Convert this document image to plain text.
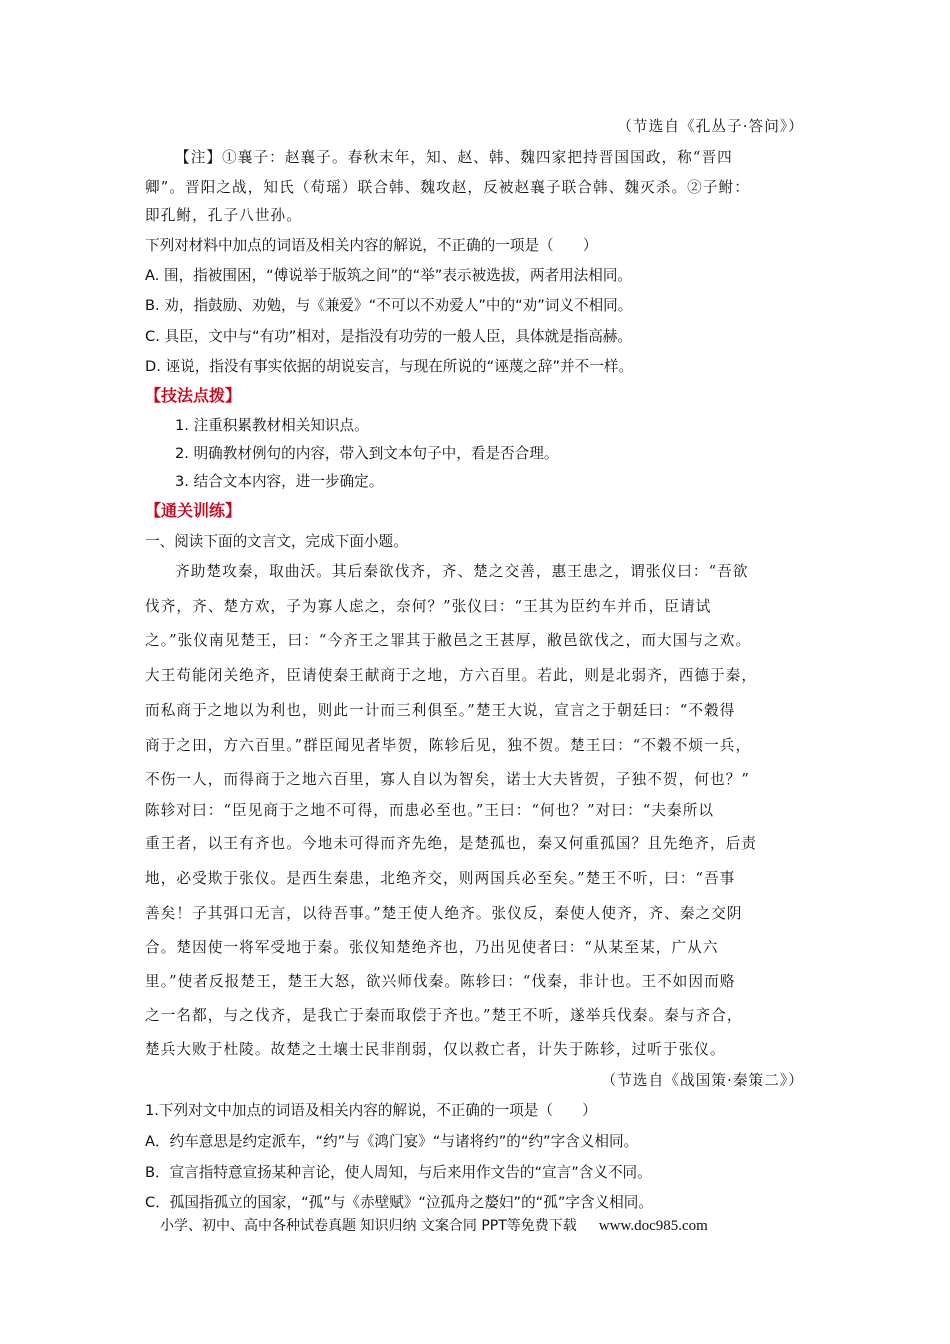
（节选自《孔丛子·答问》）
【注】①襄子：赵襄子。春秋末年，知、赵、韩、魏四家把持晋国国政，称“晋四
卿”。晋阳之战，知氏（荀瑶）联合韩、魏攻赵，反被赵襄子联合韩、魏灭杀。②子鲋：
即孔鲋，孔子八世孙。
下列对材料中加点的词语及相关内容的解说，不正确的一项是（　　）
A. 围，指被围困，“傅说举于版筑之间”的“举”表示被选拔，两者用法相同。
B. 劝，指鼓励、劝勉，与《兼爱》“不可以不劝爱人”中的“劝”词义不相同。
C. 具臣，文中与“有功”相对，是指没有功劳的一般人臣，具体就是指高赫。
D. 诬说，指没有事实依据的胡说妄言，与现在所说的“诬蔑之辞”并不一样。
【技法点拨】
1. 注重积累教材相关知识点。
2. 明确教材例句的内容，带入到文本句子中，看是否合理。
3. 结合文本内容，进一步确定。
【通关训练】
一、阅读下面的文言文，完成下面小题。
齐助楚攻秦，取曲沃。其后秦欲伐齐，齐、楚之交善，惠王患之，谓张仪曰：“吾欲
伐齐，齐、楚方欢，子为寡人虑之，奈何？”张仪曰：“王其为臣约车并币，臣请试
之。”张仪南见楚王，曰：“今齐王之罪其于敝邑之王甚厚，敝邑欲伐之，而大国与之欢。
大王苟能闭关绝齐，臣请使秦王献商于之地，方六百里。若此，则是北弱齐，西德于秦，
而私商于之地以为利也，则此一计而三利俱至。”楚王大说，宣言之于朝廷曰：“不穀得
商于之田，方六百里。”群臣闻见者毕贺，陈轸后见，独不贺。楚王曰：“不穀不烦一兵，
不伤一人，而得商于之地六百里，寡人自以为智矣，诺士大夫皆贺，子独不贺，何也？”
陈轸对曰：“臣见商于之地不可得，而患必至也。”王曰：“何也？”对曰：“夫秦所以
重王者，以王有齐也。今地未可得而齐先绝，是楚孤也，秦又何重孤国？且先绝齐，后责
地，必受欺于张仪。是西生秦患，北绝齐交，则两国兵必至矣。”楚王不听，曰：“吾事
善矣！子其弭口无言，以待吾事。”楚王使人绝齐。张仪反，秦使人使齐，齐、秦之交阴
合。楚因使一将军受地于秦。张仪知楚绝齐也，乃出见使者曰：“从某至某，广从六
里。”使者反报楚王，楚王大怒，欲兴师伐秦。陈轸曰：“伐秦，非计也。王不如因而赂
之一名都，与之伐齐，是我亡于秦而取偿于齐也。”楚王不听，遂举兵伐秦。秦与齐合，
楚兵大败于杜陵。故楚之土壤士民非削弱，仅以救亡者，计失于陈轸，过听于张仪。
（节选自《战国策·秦策二》）
1.下列对文中加点的词语及相关内容的解说，不正确的一项是（　　）
A．约车意思是约定派车，“约”与《鸿门宴》“与诸将约”的“约”字含义相同。
B．宣言指特意宣扬某种言论，使人周知，与后来用作文告的“宣言”含义不同。
C．孤国指孤立的国家，“孤”与《赤壁赋》“泣孤舟之嫠妇”的“孤”字含义相同。
小学、初中、高中各种试卷真题 知识归纳 文案合同 PPT等免费下载 www.doc985.com
